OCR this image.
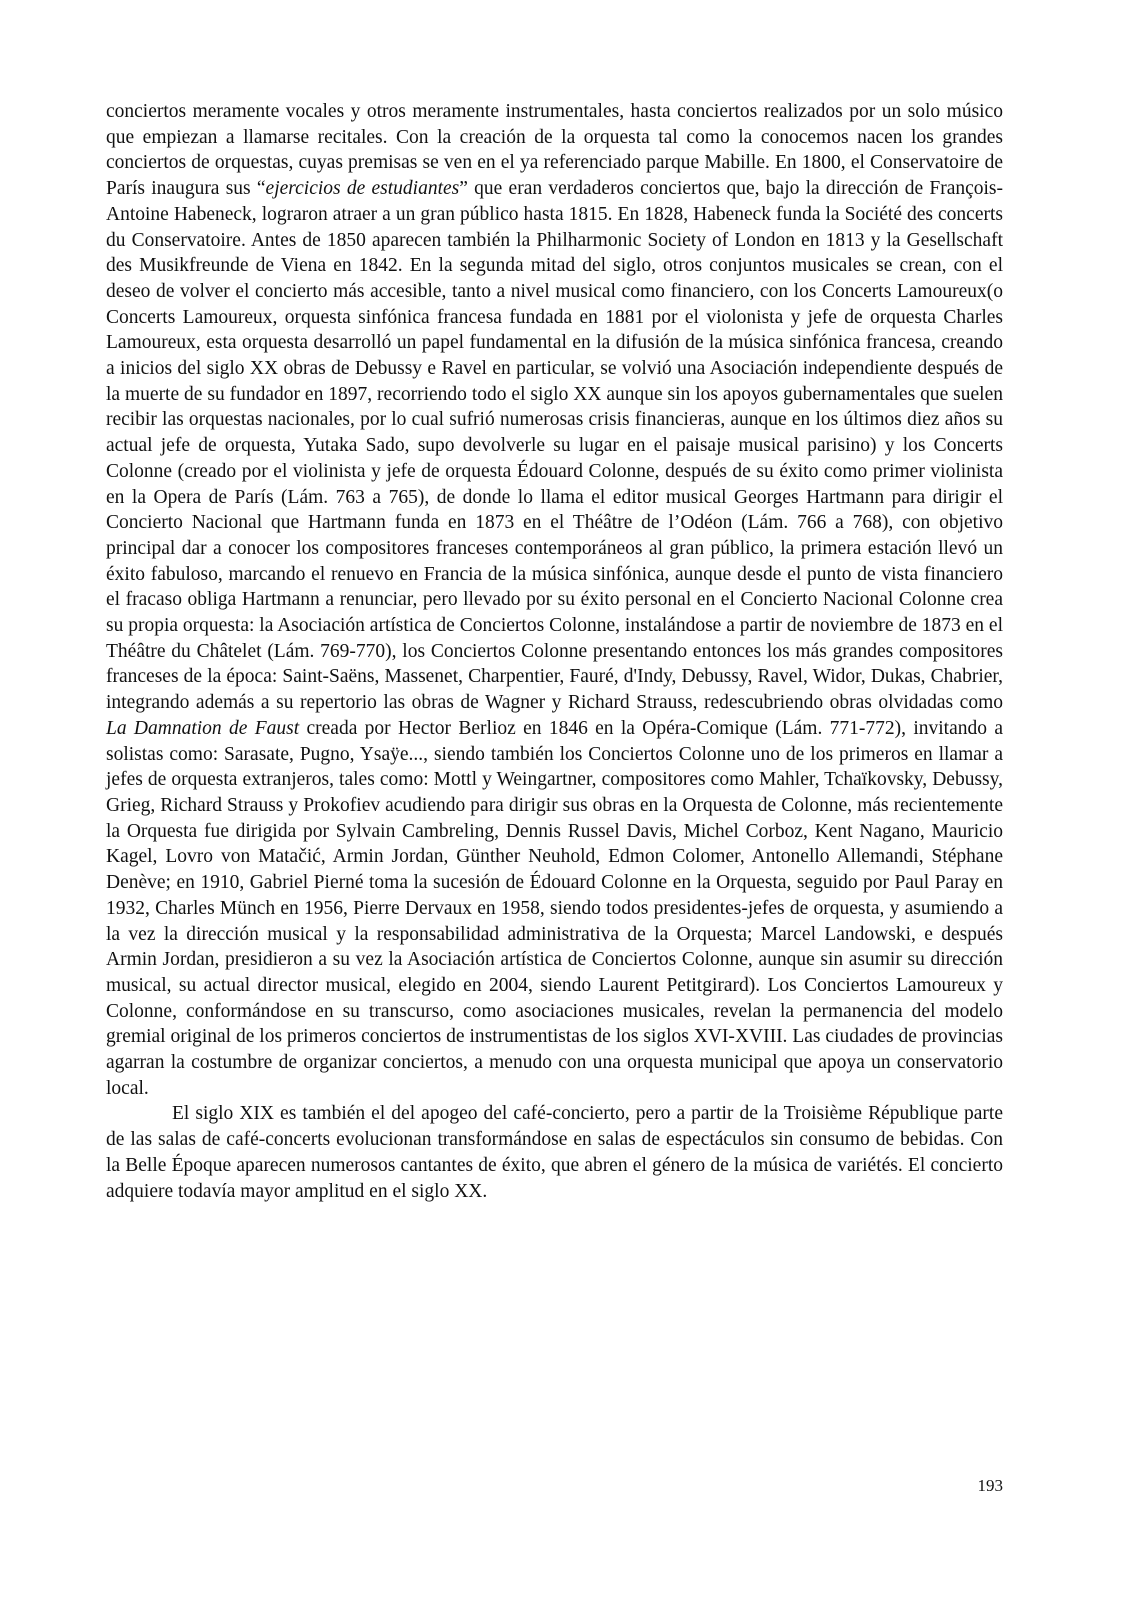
conciertos meramente vocales y otros meramente instrumentales, hasta conciertos realizados por un solo músico que empiezan a llamarse recitales. Con la creación de la orquesta tal como la conocemos nacen los grandes conciertos de orquestas, cuyas premisas se ven en el ya referenciado parque Mabille. En 1800, el Conservatoire de París inaugura sus “ejercicios de estudiantes” que eran verdaderos conciertos que, bajo la dirección de François-Antoine Habeneck, lograron atraer a un gran público hasta 1815. En 1828, Habeneck funda la Société des concerts du Conservatoire. Antes de 1850 aparecen también la Philharmonic Society of London en 1813 y la Gesellschaft des Musikfreunde de Viena en 1842. En la segunda mitad del siglo, otros conjuntos musicales se crean, con el deseo de volver el concierto más accesible, tanto a nivel musical como financiero, con los Concerts Lamoureux(o Concerts Lamoureux, orquesta sinfónica francesa fundada en 1881 por el violonista y jefe de orquesta Charles Lamoureux, esta orquesta desarrolló un papel fundamental en la difusión de la música sinfónica francesa, creando a inicios del siglo XX obras de Debussy e Ravel en particular, se volvió una Asociación independiente después de la muerte de su fundador en 1897, recorriendo todo el siglo XX aunque sin los apoyos gubernamentales que suelen recibir las orquestas nacionales, por lo cual sufrió numerosas crisis financieras, aunque en los últimos diez años su actual jefe de orquesta, Yutaka Sado, supo devolverle su lugar en el paisaje musical parisino) y los Concerts Colonne (creado por el violinista y jefe de orquesta Édouard Colonne, después de su éxito como primer violinista en la Opera de París (Lám. 763 a 765), de donde lo llama el editor musical Georges Hartmann para dirigir el Concierto Nacional que Hartmann funda en 1873 en el Théâtre de l’Odéon (Lám. 766 a 768), con objetivo principal dar a conocer los compositores franceses contemporáneos al gran público, la primera estación llevó un éxito fabuloso, marcando el renuevo en Francia de la música sinfónica, aunque desde el punto de vista financiero el fracaso obliga Hartmann a renunciar, pero llevado por su éxito personal en el Concierto Nacional Colonne crea su propia orquesta: la Asociación artística de Conciertos Colonne, instalándose a partir de noviembre de 1873 en el Théâtre du Châtelet (Lám. 769-770), los Conciertos Colonne presentando entonces los más grandes compositores franceses de la época: Saint-Saëns, Massenet, Charpentier, Fauré, d'Indy, Debussy, Ravel, Widor, Dukas, Chabrier, integrando además a su repertorio las obras de Wagner y Richard Strauss, redescubriendo obras olvidadas como La Damnation de Faust creada por Hector Berlioz en 1846 en la Opéra-Comique (Lám. 771-772), invitando a solistas como: Sarasate, Pugno, Ysaÿe..., siendo también los Conciertos Colonne uno de los primeros en llamar a jefes de orquesta extranjeros, tales como: Mottl y Weingartner, compositores como Mahler, Tchaïkovsky, Debussy, Grieg, Richard Strauss y Prokofiev acudiendo para dirigir sus obras en la Orquesta de Colonne, más recientemente la Orquesta fue dirigida por Sylvain Cambreling, Dennis Russel Davis, Michel Corboz, Kent Nagano, Mauricio Kagel, Lovro von Matačić, Armin Jordan, Günther Neuhold, Edmon Colomer, Antonello Allemandi, Stéphane Denève; en 1910, Gabriel Pierné toma la sucesión de Édouard Colonne en la Orquesta, seguido por Paul Paray en 1932, Charles Münch en 1956, Pierre Dervaux en 1958, siendo todos presidentes-jefes de orquesta, y asumiendo a la vez la dirección musical y la responsabilidad administrativa de la Orquesta; Marcel Landowski, e después Armin Jordan, presidieron a su vez la Asociación artística de Conciertos Colonne, aunque sin asumir su dirección musical, su actual director musical, elegido en 2004, siendo Laurent Petitgirard). Los Conciertos Lamoureux y Colonne, conformándose en su transcurso, como asociaciones musicales, revelan la permanencia del modelo gremial original de los primeros conciertos de instrumentistas de los siglos XVI-XVIII. Las ciudades de provincias agarran la costumbre de organizar conciertos, a menudo con una orquesta municipal que apoya un conservatorio local.

El siglo XIX es también el del apogeo del café-concierto, pero a partir de la Troisième République parte de las salas de café-concerts evolucionan transformándose en salas de espectáculos sin consumo de bebidas. Con la Belle Époque aparecen numerosos cantantes de éxito, que abren el género de la música de variétés. El concierto adquiere todavía mayor amplitud en el siglo XX.

193
